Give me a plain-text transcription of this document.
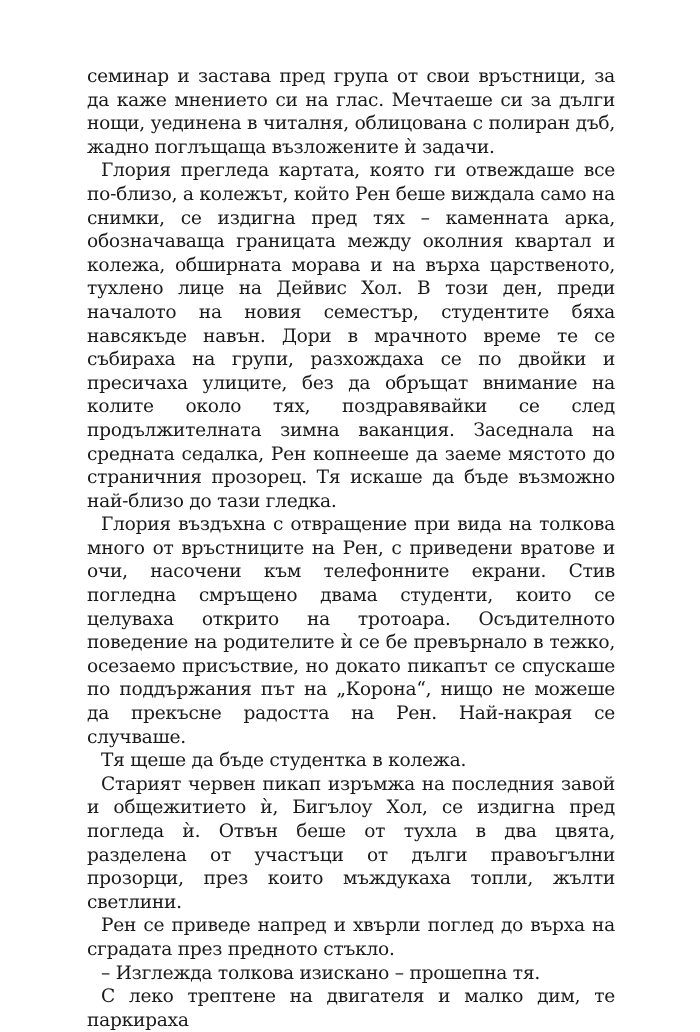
семинар и застава пред група от свои връстници, за да каже мнението си на глас. Мечтаеше си за дълги нощи, уединена в читалня, облицована с полиран дъб, жадно поглъщаща възложените ѝ задачи.

Глория прегледа картата, която ги отвеждаше все по-близо, а колежът, който Рен беше виждала само на снимки, се издигна пред тях – каменната арка, обозначаваща границата между околния квартал и колежа, обширната морава и на върха царственото, тухлено лице на Дейвис Хол. В този ден, преди началото на новия семестър, студентите бяха навсякъде навън. Дори в мрачното време те се събираха на групи, разхождаха се по двойки и пресичаха улиците, без да обръщат внимание на колите около тях, поздравявайки се след продължителната зимна ваканция. Заседнала на средната седалка, Рен копнееше да заеме мястото до страничния прозорец. Тя искаше да бъде възможно най-близо до тази гледка.

Глория въздъхна с отвращение при вида на толкова много от връстниците на Рен, с приведени вратове и очи, насочени към телефонните екрани. Стив погледна смръщено двама студенти, които се целуваха открито на тротоара. Осъдителното поведение на родителите ѝ се бе превърнало в тежко, осезаемо присъствие, но докато пикапът се спускаше по поддържания път на „Корона“, нищо не можеше да прекъсне радостта на Рен. Най-накрая се случваше.

Тя щеше да бъде студентка в колежа.

Старият червен пикап изръмжа на последния завой и общежитието ѝ, Бигълоу Хол, се издигна пред погледа ѝ. Отвън беше от тухла в два цвята, разделена от участъци от дълги правоъгълни прозорци, през които мъждукаха топли, жълти светлини.

Рен се приведе напред и хвърли поглед до върха на сградата през предното стъкло.

– Изглежда толкова изискано – прошепна тя.

С леко трептене на двигателя и малко дим, те паркираха
